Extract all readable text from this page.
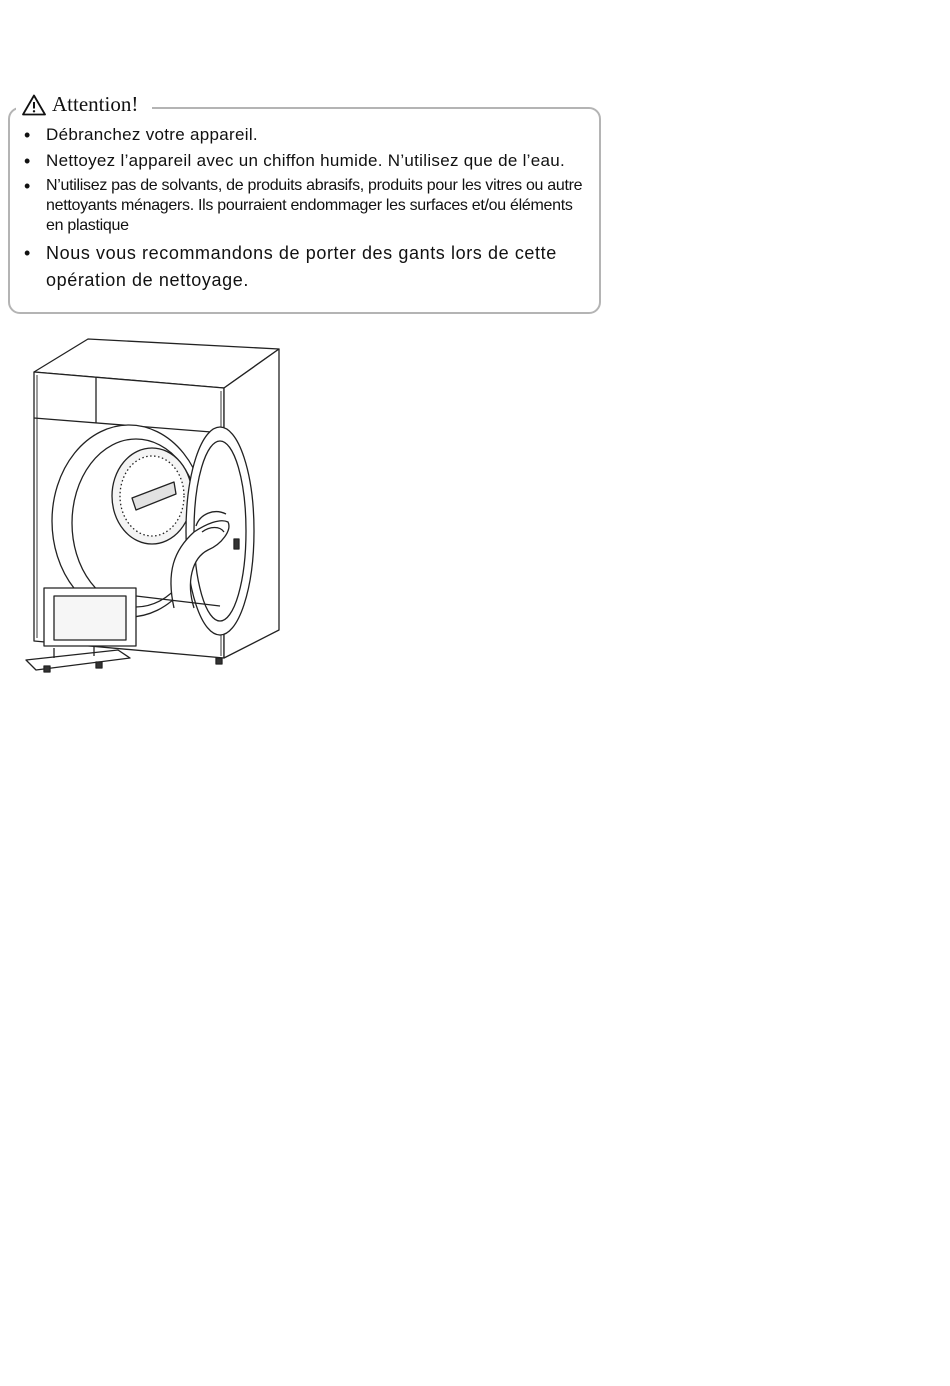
Attention!
• Débranchez votre appareil.
• Nettoyez l’appareil avec un chiffon humide. N’utilisez que de l’eau.
• N’utilisez pas de solvants, de produits abrasifs, produits pour les vitres ou autre nettoyants ménagers. Ils pourraient endommager les surfaces et/ou éléments en plastique
• Nous vous recommandons de porter des gants lors de cette opération de nettoyage.
